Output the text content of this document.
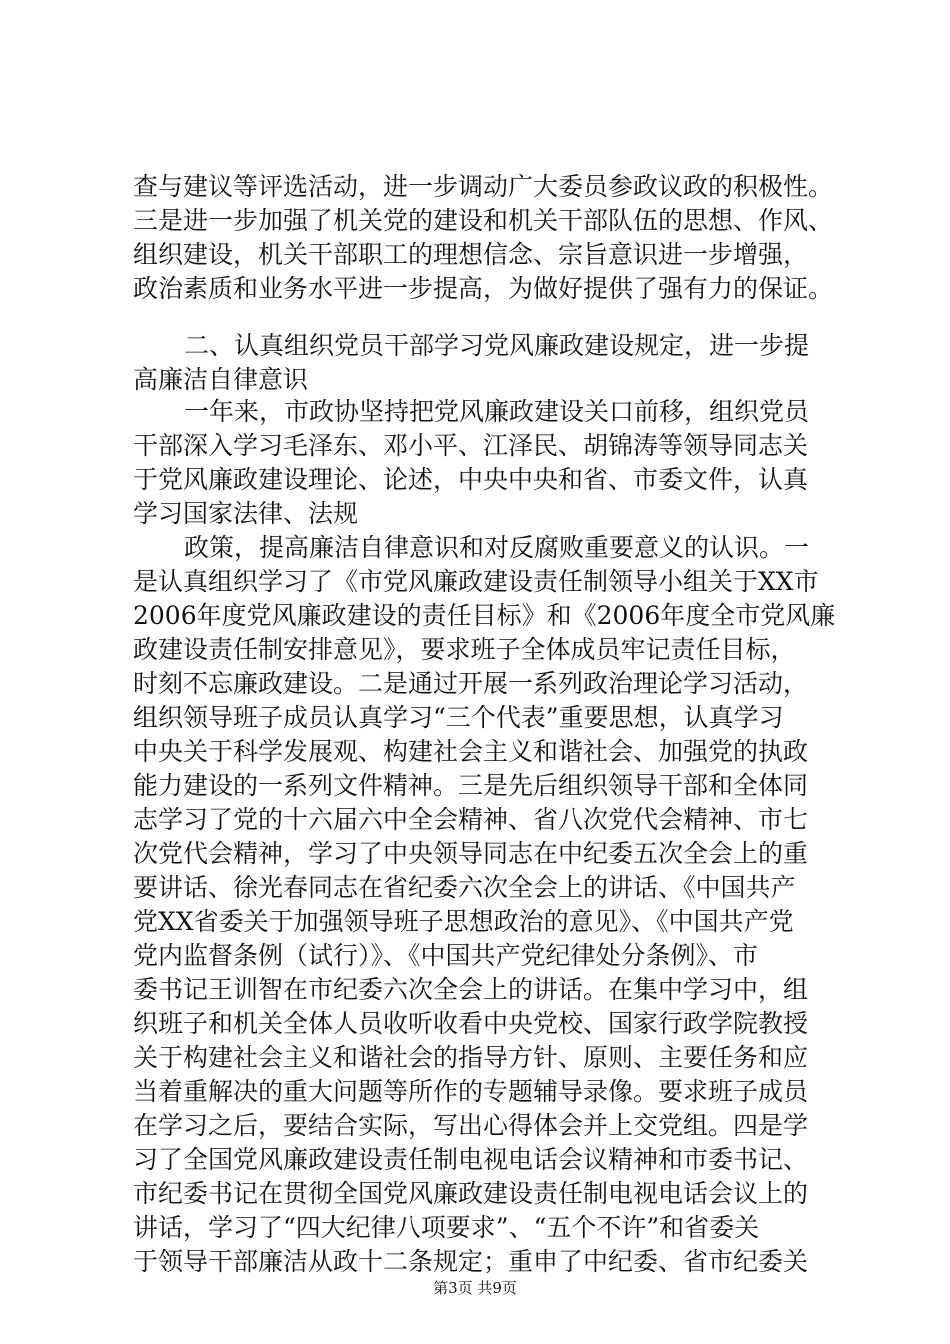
查与建议等评选活动，进一步调动广大委员参政议政的积极性。
三是进一步加强了机关党的建设和机关干部队伍的思想、作风、
组织建设，机关干部职工的理想信念、宗旨意识进一步增强，
政治素质和业务水平进一步提高，为做好提供了强有力的保证。
二、认真组织党员干部学习党风廉政建设规定，进一步提
高廉洁自律意识
一年来，市政协坚持把党风廉政建设关口前移，组织党员
干部深入学习毛泽东、邓小平、江泽民、胡锦涛等领导同志关
于党风廉政建设理论、论述，中央中央和省、市委文件，认真
学习国家法律、法规
政策，提高廉洁自律意识和对反腐败重要意义的认识。一
是认真组织学习了《市党风廉政建设责任制领导小组关于XX市
2006年度党风廉政建设的责任目标》和《2006年度全市党风廉
政建设责任制安排意见》，要求班子全体成员牢记责任目标，
时刻不忘廉政建设。二是通过开展一系列政治理论学习活动，
组织领导班子成员认真学习“三个代表”重要思想，认真学习
中央关于科学发展观、构建社会主义和谐社会、加强党的执政
能力建设的一系列文件精神。三是先后组织领导干部和全体同
志学习了党的十六届六中全会精神、省八次党代会精神、市七
次党代会精神，学习了中央领导同志在中纪委五次全会上的重
要讲话、徐光春同志在省纪委六次全会上的讲话、《中国共产
党XX省委关于加强领导班子思想政治的意见》、《中国共产党
党内监督条例（试行）》、《中国共产党纪律处分条例》、市
委书记王训智在市纪委六次全会上的讲话。在集中学习中，组
织班子和机关全体人员收听收看中央党校、国家行政学院教授
关于构建社会主义和谐社会的指导方针、原则、主要任务和应
当着重解决的重大问题等所作的专题辅导录像。要求班子成员
在学习之后，要结合实际，写出心得体会并上交党组。四是学
习了全国党风廉政建设责任制电视电话会议精神和市委书记、
市纪委书记在贯彻全国党风廉政建设责任制电视电话会议上的
讲话，学习了“四大纪律八项要求”、“五个不许”和省委关
于领导干部廉洁从政十二条规定；重申了中纪委、省市纪委关
第3页 共9页
